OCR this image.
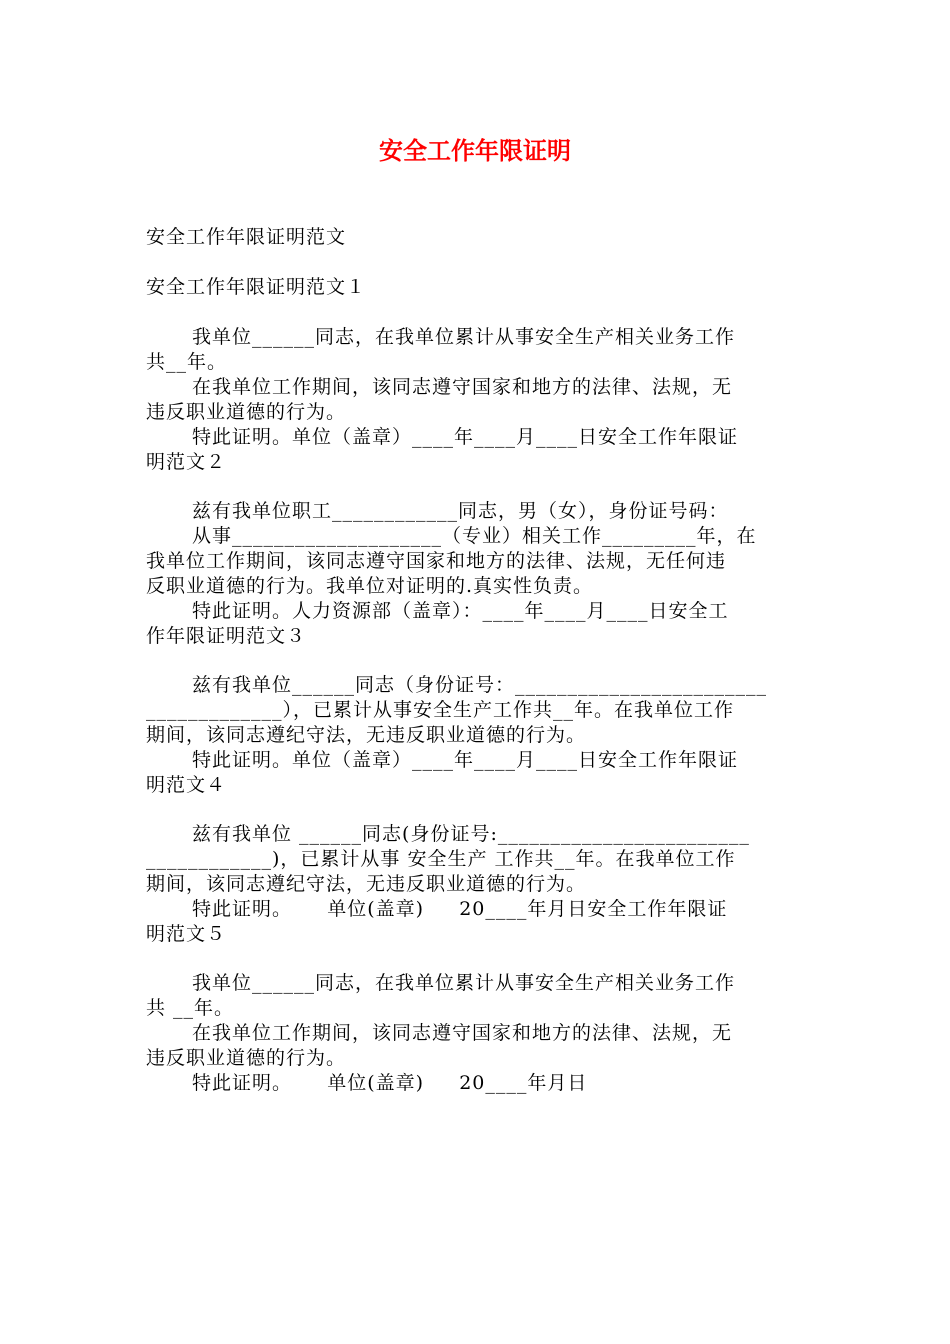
安全工作年限证明
安全工作年限证明范文
安全工作年限证明范文１
我单位______同志，在我单位累计从事安全生产相关业务工作
共__年。
在我单位工作期间，该同志遵守国家和地方的法律、法规，无
违反职业道德的行为。
特此证明。单位（盖章）____年____月____日安全工作年限证
明范文２
兹有我单位职工____________同志，男（女），身份证号码：
从事____________________（专业）相关工作_________年，在
我单位工作期间，该同志遵守国家和地方的法律、法规，无任何违
反职业道德的行为。我单位对证明的.真实性负责。
特此证明。人力资源部（盖章）：____年____月____日安全工
作年限证明范文３
兹有我单位______同志（身份证号：________________________
_____________），已累计从事安全生产工作共__年。在我单位工作
期间，该同志遵纪守法，无违反职业道德的行为。
特此证明。单位（盖章）____年____月____日安全工作年限证
明范文４
兹有我单位 ______同志(身份证号:________________________
____________)，已累计从事 安全生产 工作共__年。在我单位工作
期间，该同志遵纪守法，无违反职业道德的行为。
特此证明。     单位(盖章)     20____年月日安全工作年限证
明范文５
我单位______同志，在我单位累计从事安全生产相关业务工作
共 __年。
在我单位工作期间，该同志遵守国家和地方的法律、法规，无
违反职业道德的行为。
特此证明。     单位(盖章)     20____年月日
